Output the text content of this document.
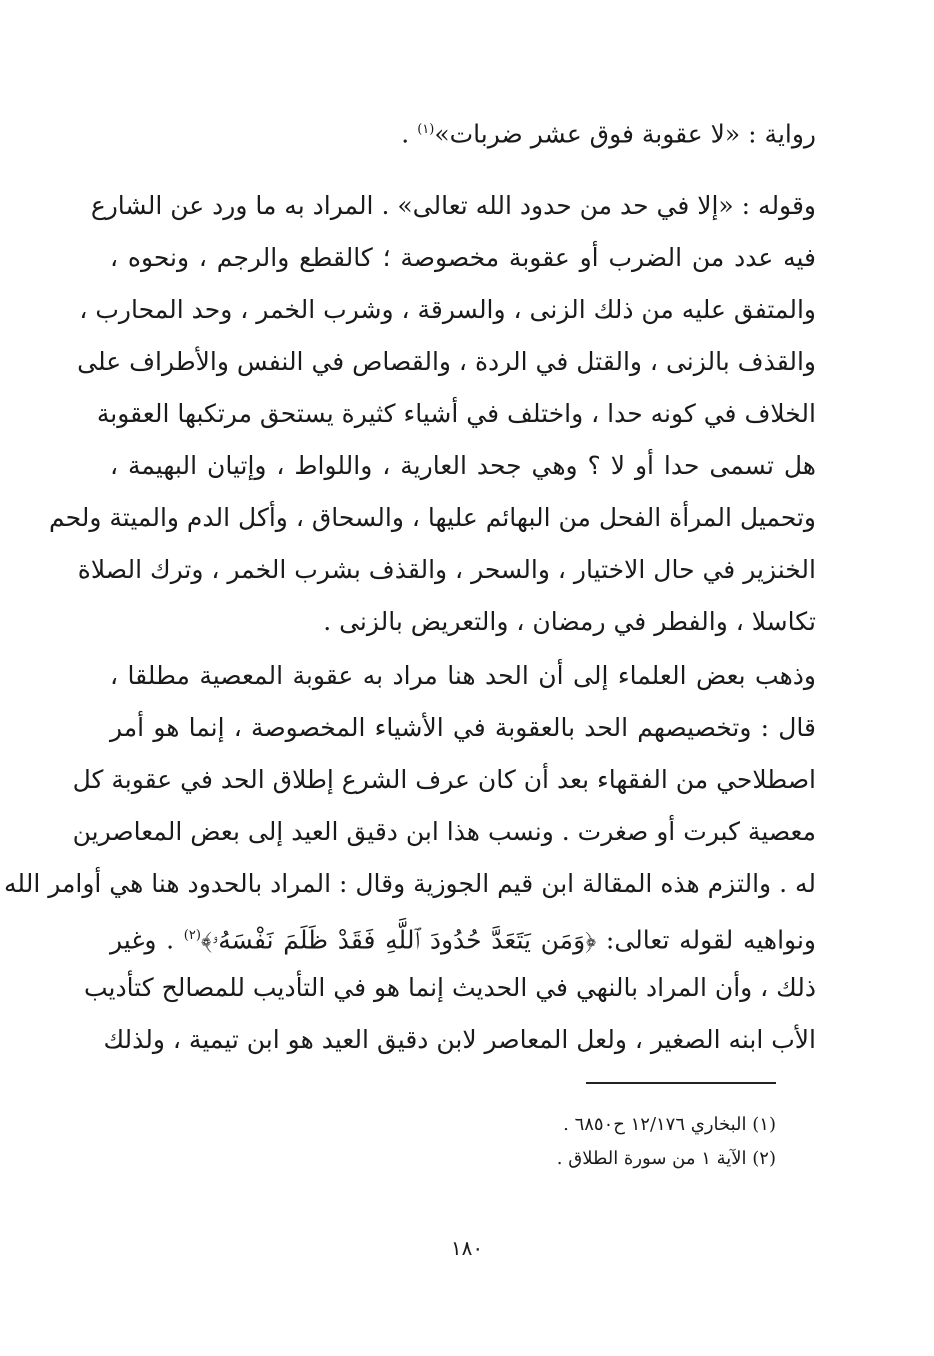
رواية : «لا عقوبة فوق عشر ضربات»$^{(١)}$ .
وقوله : «إلا في حد من حدود الله تعالى» . المراد به ما ورد عن الشارع
فيه عدد من الضرب أو عقوبة مخصوصة ؛ كالقطع والرجم ، ونحوه ،
والمتفق عليه من ذلك الزنى ، والسرقة ، وشرب الخمر ، وحد المحارب ،
والقذف بالزنى ، والقتل في الردة ، والقصاص في النفس والأطراف على
الخلاف في كونه حدا ، واختلف في أشياء كثيرة يستحق مرتكبها العقوبة
هل تسمى حدا أو لا ؟ وهي جحد العارية ، واللواط ، وإتيان البهيمة ،
وتحميل المرأة الفحل من البهائم عليها ، والسحاق ، وأكل الدم والميتة ولحم
الخنزير في حال الاختيار ، والسحر ، والقذف بشرب الخمر ، وترك الصلاة
تكاسلا ، والفطر في رمضان ، والتعريض بالزنى .
وذهب بعض العلماء إلى أن الحد هنا مراد به عقوبة المعصية مطلقا ،
قال : وتخصيصهم الحد بالعقوبة في الأشياء المخصوصة ، إنما هو أمر
اصطلاحي من الفقهاء بعد أن كان عرف الشرع إطلاق الحد في عقوبة كل
معصية كبرت أو صغرت . ونسب هذا ابن دقيق العيد إلى بعض المعاصرين
له . والتزم هذه المقالة ابن قيم الجوزية وقال : المراد بالحدود هنا هي أوامر الله
ونواهيه لقوله تعالى: ﴿وَمَن يَتَعَدَّ حُدُودَ ٱللَّهِ فَقَدْ ظَلَمَ نَفْسَهُۥ﴾$^{(٢)}$ . وغير
ذلك ، وأن المراد بالنهي في الحديث إنما هو في التأديب للمصالح كتأديب
الأب ابنه الصغير ، ولعل المعاصر لابن دقيق العيد هو ابن تيمية ، ولذلك
(١) البخاري ١٢/١٧٦ ح٦٨٥٠ .
(٢) الآية ١ من سورة الطلاق .
١٨٠
